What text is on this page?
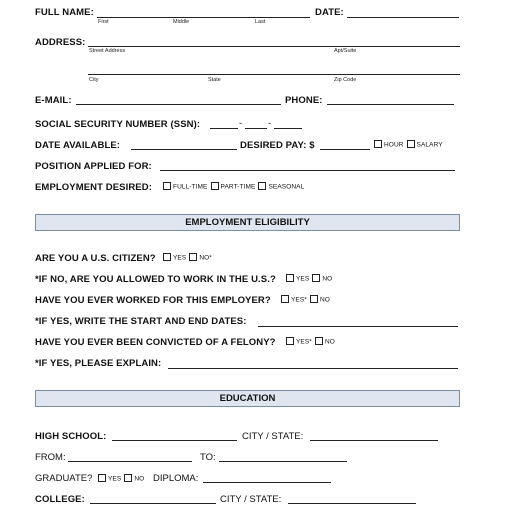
FULL NAME:
First	Middle	Last
DATE:
ADDRESS:
Street Address	Apt/Suite
City	State	Zip Code
E-MAIL:	PHONE:
SOCIAL SECURITY NUMBER (SSN):	-	-
DATE AVAILABLE:	DESIRED PAY: $	HOUR SALARY
POSITION APPLIED FOR:
EMPLOYMENT DESIRED:	FULL-TIME PART-TIME SEASONAL
EMPLOYMENT ELIGIBILITY
ARE YOU A U.S. CITIZEN?	YES NO*
*IF NO, ARE YOU ALLOWED TO WORK IN THE U.S.?	YES NO
HAVE YOU EVER WORKED FOR THIS EMPLOYER?	YES* NO
*IF YES, WRITE THE START AND END DATES:
HAVE YOU EVER BEEN CONVICTED OF A FELONY?	YES* NO
*IF YES, PLEASE EXPLAIN:
EDUCATION
HIGH SCHOOL:	CITY / STATE:
FROM:	TO:
GRADUATE?	YES NO DIPLOMA:
COLLEGE:	CITY / STATE:
